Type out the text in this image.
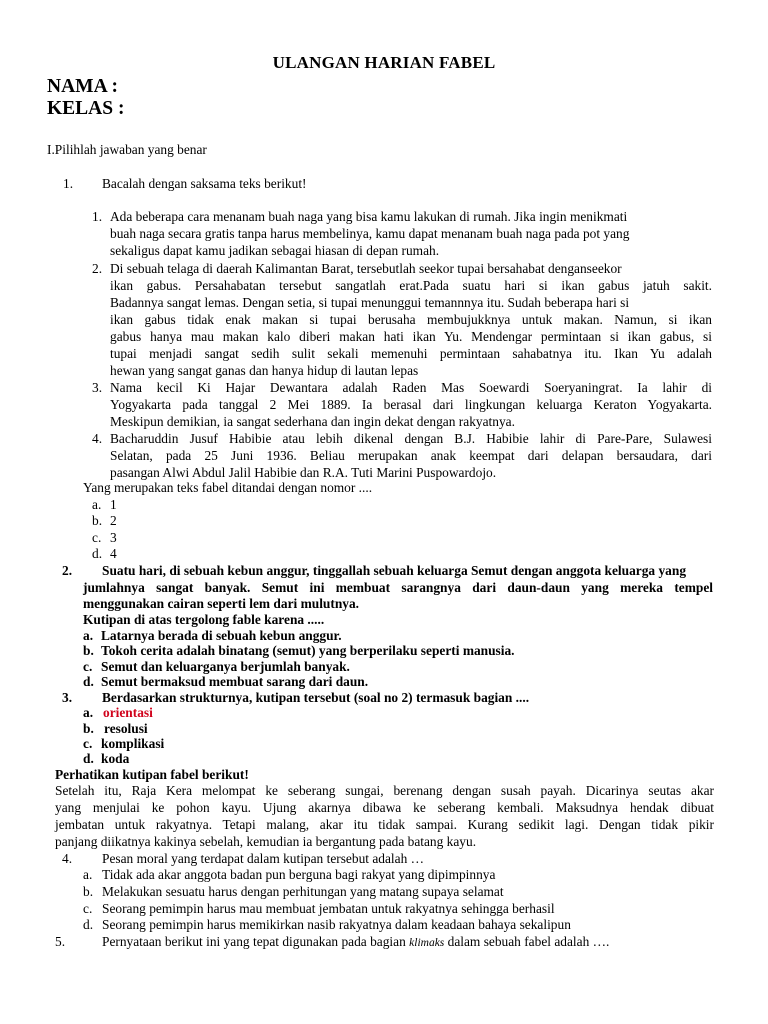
ULANGAN HARIAN FABEL
NAMA :
KELAS :
I.Pilihlah jawaban yang benar
1. Bacalah dengan saksama teks berikut!
1. Ada beberapa cara menanam buah naga yang bisa kamu lakukan di rumah. Jika ingin menikmati
buah naga secara gratis tanpa harus membelinya, kamu dapat menanam buah naga pada pot yang
sekaligus dapat kamu jadikan sebagai hiasan di depan rumah.
2. Di sebuah telaga di daerah Kalimantan Barat, tersebutlah seekor tupai bersahabat denganseekor
ikan gabus. Persahabatan tersebut sangatlah erat.Pada suatu hari si ikan gabus jatuh sakit.
Badannya sangat lemas. Dengan setia, si tupai menunggui temannnya itu. Sudah beberapa hari si
ikan gabus tidak enak makan si tupai berusaha membujukknya untuk makan. Namun, si ikan
gabus hanya mau makan kalo diberi makan hati ikan Yu. Mendengar permintaan si ikan gabus, si
tupai menjadi sangat sedih sulit sekali memenuhi permintaan sahabatnya itu. Ikan Yu adalah
hewan yang sangat ganas dan hanya hidup di lautan lepas
3. Nama kecil Ki Hajar Dewantara adalah Raden Mas Soewardi Soeryaningrat. Ia lahir di
Yogyakarta pada tanggal 2 Mei 1889. Ia berasal dari lingkungan keluarga Keraton Yogyakarta.
Meskipun demikian, ia sangat sederhana dan ingin dekat dengan rakyatnya.
4. Bacharuddin Jusuf Habibie atau lebih dikenal dengan B.J. Habibie lahir di Pare-Pare, Sulawesi
Selatan, pada 25 Juni 1936. Beliau merupakan anak keempat dari delapan bersaudara, dari
pasangan Alwi Abdul Jalil Habibie dan R.A. Tuti Marini Puspowardojo.
Yang merupakan teks fabel ditandai dengan nomor ....
a. 1
b. 2
c. 3
d. 4
2. Suatu hari, di sebuah kebun anggur, tinggallah sebuah keluarga Semut dengan anggota keluarga yang
jumlahnya sangat banyak. Semut ini membuat sarangnya dari daun-daun yang mereka tempel
menggunakan cairan seperti lem dari mulutnya.
Kutipan di atas tergolong fable karena .....
a. Latarnya berada di sebuah kebun anggur.
b. Tokoh cerita adalah binatang (semut) yang berperilaku seperti manusia.
c. Semut dan keluarganya berjumlah banyak.
d. Semut bermaksud membuat sarang dari daun.
3. Berdasarkan strukturnya, kutipan tersebut (soal no 2) termasuk bagian ....
a. orientasi
b. resolusi
c. komplikasi
d. koda
Perhatikan kutipan fabel berikut!
Setelah itu, Raja Kera melompat ke seberang sungai, berenang dengan susah payah. Dicarinya seutas akar
yang menjulai ke pohon kayu. Ujung akarnya dibawa ke seberang kembali. Maksudnya hendak dibuat
jembatan untuk rakyatnya. Tetapi malang, akar itu tidak sampai. Kurang sedikit lagi. Dengan tidak pikir
panjang diikatnya kakinya sebelah, kemudian ia bergantung pada batang kayu.
4. Pesan moral yang terdapat dalam kutipan tersebut adalah …
a. Tidak ada akar anggota badan pun berguna bagi rakyat yang dipimpinnya
b. Melakukan sesuatu harus dengan perhitungan yang matang supaya selamat
c. Seorang pemimpin harus mau membuat jembatan untuk rakyatnya sehingga berhasil
d. Seorang pemimpin harus memikirkan nasib rakyatnya dalam keadaan bahaya sekalipun
5.	Pernyataan berikut ini yang tepat digunakan pada bagian klimaks dalam sebuah fabel adalah ….
